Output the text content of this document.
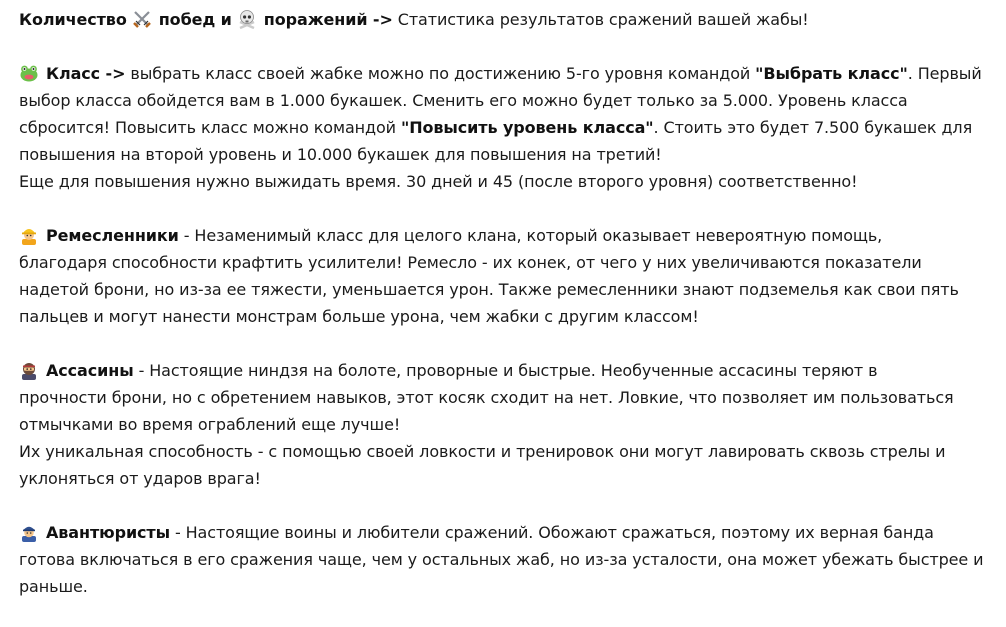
Количество побед и поражений -> Статистика результатов сражений вашей жабы!

Класс -> выбрать класс своей жабке можно по достижению 5-го уровня командой "Выбрать класс". Первый
выбор класса обойдется вам в 1.000 букашек. Сменить его можно будет только за 5.000. Уровень класса
сбросится! Повысить класс можно командой "Повысить уровень класса". Стоить это будет 7.500 букашек для
повышения на второй уровень и 10.000 букашек для повышения на третий!
Еще для повышения нужно выжидать время. 30 дней и 45 (после второго уровня) соответственно!

Ремесленники - Незаменимый класс для целого клана, который оказывает невероятную помощь,
благодаря способности крафтить усилители! Ремесло - их конек, от чего у них увеличиваются показатели
надетой брони, но из-за ее тяжести, уменьшается урон. Также ремесленники знают подземелья как свои пять
пальцев и могут нанести монстрам больше урона, чем жабки с другим классом!

Ассасины - Настоящие ниндзя на болоте, проворные и быстрые. Необученные ассасины теряют в
прочности брони, но с обретением навыков, этот косяк сходит на нет. Ловкие, что позволяет им пользоваться
отмычками во время ограблений еще лучше!
Их уникальная способность - с помощью своей ловкости и тренировок они могут лавировать сквозь стрелы и
уклоняться от ударов врага!

Авантюристы - Настоящие воины и любители сражений. Обожают сражаться, поэтому их верная банда
готова включаться в его сражения чаще, чем у остальных жаб, но из-за усталости, она может убежать быстрее и
раньше.
